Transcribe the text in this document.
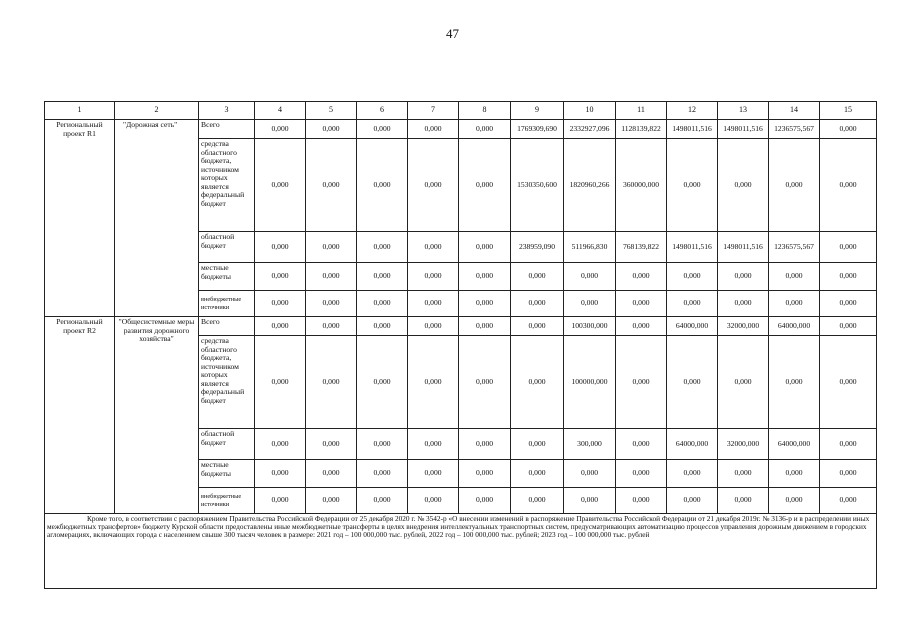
47
1	2	3	4	5	6	7	8	9	10	11	12	13	14	15
Региональный проект R1	"Дорожная сеть"	Всего	0,000	0,000	0,000	0,000	0,000	1769309,690	2332927,096	1128139,822	1498011,516	1498011,516	1236575,567	0,000
		средства областного бюджета, источником которых является федеральный бюджет	0,000	0,000	0,000	0,000	0,000	1530350,600	1820960,266	360000,000	0,000	0,000	0,000	0,000
		областной бюджет	0,000	0,000	0,000	0,000	0,000	238959,090	511966,830	768139,822	1498011,516	1498011,516	1236575,567	0,000
		местные бюджеты	0,000	0,000	0,000	0,000	0,000	0,000	0,000	0,000	0,000	0,000	0,000	0,000
		внебюджетные источники	0,000	0,000	0,000	0,000	0,000	0,000	0,000	0,000	0,000	0,000	0,000	0,000
Региональный проект R2	"Общесистемные меры развития дорожного хозяйства"	Всего	0,000	0,000	0,000	0,000	0,000	0,000	100300,000	0,000	64000,000	32000,000	64000,000	0,000
		средства областного бюджета, источником которых является федеральный бюджет	0,000	0,000	0,000	0,000	0,000	0,000	100000,000	0,000	0,000	0,000	0,000	0,000
		областной бюджет	0,000	0,000	0,000	0,000	0,000	0,000	300,000	0,000	64000,000	32000,000	64000,000	0,000
		местные бюджеты	0,000	0,000	0,000	0,000	0,000	0,000	0,000	0,000	0,000	0,000	0,000	0,000
		внебюджетные источники	0,000	0,000	0,000	0,000	0,000	0,000	0,000	0,000	0,000	0,000	0,000	0,000
Кроме того, в соответствии с распоряжением Правительства Российской Федерации от 25 декабря 2020 г. № 3542-р «О внесении изменений в распоряжение Правительства Российской Федерации от 21 декабря 2019г. № 3136-р и в распределении иных межбюджетных трансфертов» бюджету Курской области предоставлены иные межбюджетные трансферты в целях внедрения интеллектуальных транспортных систем, предусматривающих автоматизацию процессов управления дорожным движением в городских агломерациях, включающих города с населением свыше 300 тысяч человек в размере: 2021 год – 100 000,000 тыс. рублей, 2022 год – 100 000,000 тыс. рублей; 2023 год – 100 000,000 тыс. рублей														
